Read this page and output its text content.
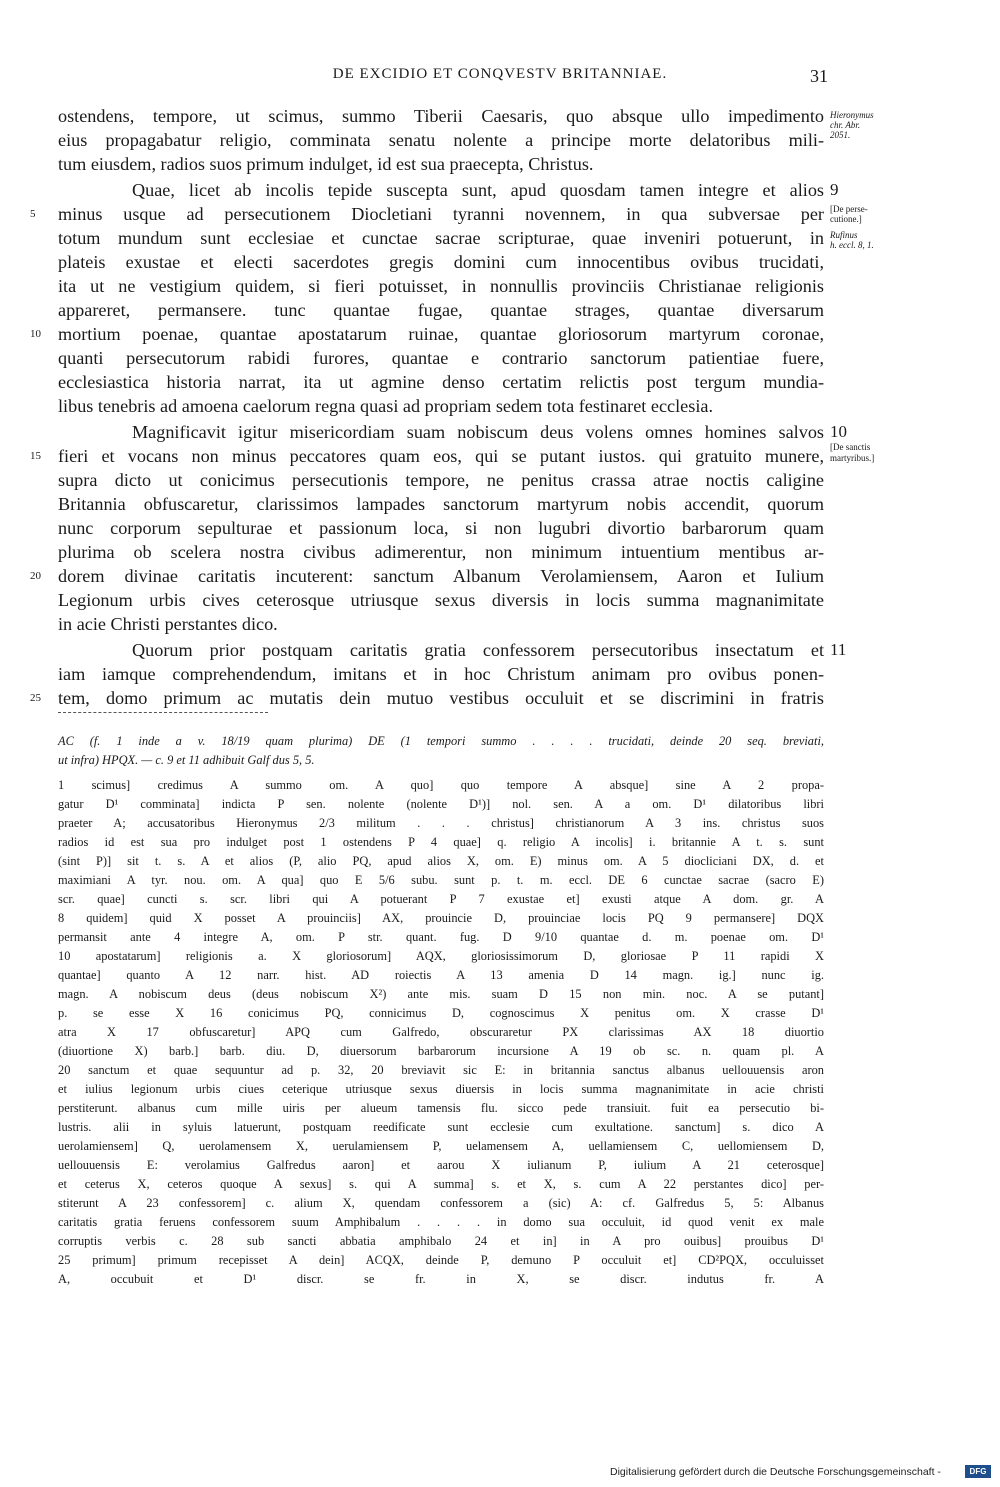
DE EXCIDIO ET CONQVESTV BRITANNIAE.	31
ostendens, tempore, ut scimus, summo Tiberii Caesaris, quo absque ullo impedimento
eius propagabatur religio, comminata senatu nolente a principe morte delatoribus mili-
tum eiusdem, radios suos primum indulget, id est sua praecepta, Christus.
Quae, licet ab incolis tepide suscepta sunt, apud quosdam tamen integre et alios
minus usque ad persecutionem Diocletiani tyranni novennem, in qua subversae per
totum mundum sunt ecclesiae et cunctae sacrae scripturae, quae inveniri potuerunt, in
plateis exustae et electi sacerdotes gregis domini cum innocentibus ovibus trucidati,
ita ut ne vestigium quidem, si fieri potuisset, in nonnullis provinciis Christianae religionis
appareret, permansere. tunc quantae fugae, quantae strages, quantae diversarum
mortium poenae, quantae apostatarum ruinae, quantae gloriosorum martyrum coronae,
quanti persecutorum rabidi furores, quantae e contrario sanctorum patientiae fuere,
ecclesiastica historia narrat, ita ut agmine denso certatim relictis post tergum mundia-
libus tenebris ad amoena caelorum regna quasi ad propriam sedem tota festinaret ecclesia.
Magnificavit igitur misericordiam suam nobiscum deus volens omnes homines salvos
fieri et vocans non minus peccatores quam eos, qui se putant iustos. qui gratuito munere,
supra dicto ut conicimus persecutionis tempore, ne penitus crassa atrae noctis caligine
Britannia obfuscaretur, clarissimos lampades sanctorum martyrum nobis accendit, quorum
nunc corporum sepulturae et passionum loca, si non lugubri divortio barbarorum quam
plurima ob scelera nostra civibus adimerentur, non minimum intuentium mentibus ar-
dorem divinae caritatis incuterent: sanctum Albanum Verolamiensem, Aaron et Iulium
Legionum urbis cives ceterosque utriusque sexus diversis in locis summa magnanimitate
in acie Christi perstantes dico.
Quorum prior postquam caritatis gratia confessorem persecutoribus insectatum et
iam iamque comprehendendum, imitans et in hoc Christum animam pro ovibus ponen-
tem, domo primum ac mutatis dein mutuo vestibus occuluit et se discrimini in fratris
5
10
15
20
25
9
10
11
Hieronymus
chr. Abr.
2051.
[De perse-
cutione.]
Rufinus
h. eccl. 8, 1.
[De sanctis
martyribus.]
AC (f. 1 inde a v. 18/19 quam plurima) DE (1 tempori summo . . . . trucidati, deinde 20 seq. breviati,
ut infra) HPQX. — c. 9 et 11 adhibuit Galf dus 5, 5.
1 scimus] credimus A summo om. A quo] quo tempore A absque] sine A 2 propa-
gatur D¹ comminata] indicta P sen. nolente (nolente D¹)] nol. sen. A a om. D¹ dilatoribus libri
praeter A; accusatoribus Hieronymus 2/3 militum . . . christus] christianorum A 3 ins. christus suos
radios id est sua pro indulget post 1 ostendens P 4 quae] q. religio A incolis] i. britannie A t. s. sunt
(sint P)] sit t. s. A et alios (P, alio PQ, apud alios X, om. E) minus om. A 5 diocliciani DX, d. et
maximiani A tyr. nou. om. A qua] quo E 5/6 subu. sunt p. t. m. eccl. DE 6 cunctae sacrae (sacro E)
scr. quae] cuncti s. scr. libri qui A potuerant P 7 exustae et] exusti atque A dom. gr. A
8 quidem] quid X posset A prouinciis] AX, prouincie D, prouinciae locis PQ 9 permansere] DQX
permansit ante 4 integre A, om. P str. quant. fug. D 9/10 quantae d. m. poenae om. D¹
10 apostatarum] religionis a. X gloriosorum] AQX, gloriosissimorum D, gloriosae P 11 rapidi X
quantae] quanto A 12 narr. hist. AD roiectis A 13 amenia D 14 magn. ig.] nunc ig.
magn. A nobiscum deus (deus nobiscum X²) ante mis. suam D 15 non min. noc. A se putant]
p. se esse X 16 conicimus PQ, connicimus D, cognoscimus X penitus om. X crasse D¹
atra X 17 obfuscaretur] APQ cum Galfredo, obscuraretur PX clarissimas AX 18 diuortio
(diuortione X) barb.] barb. diu. D, diuersorum barbarorum incursione A 19 ob sc. n. quam pl. A
20 sanctum et quae sequuntur ad p. 32, 20 breviavit sic E: in britannia sanctus albanus uellouuensis aron
et iulius legionum urbis ciues ceterique utriusque sexus diuersis in locis summa magnanimitate in acie christi
perstiterunt. albanus cum mille uiris per alueum tamensis flu. sicco pede transiuit. fuit ea persecutio bi-
lustris. alii in syluis latuerunt, postquam reedificate sunt ecclesie cum exultatione. sanctum] s. dico A
uerolamiensem] Q, uerolamensem X, uerulamiensem P, uelamensem A, uellamiensem C, uellomiensem D,
uellouuensis E: verolamius Galfredus aaron] et aarou X iulianum P, iulium A 21 ceterosque]
et ceterus X, ceteros quoque A sexus] s. qui A summa] s. et X, s. cum A 22 perstantes dico] per-
stiterunt A 23 confessorem] c. alium X, quendam confessorem a (sic) A: cf. Galfredus 5, 5: Albanus
caritatis gratia feruens confessorem suum Amphibalum . . . . in domo sua occuluit, id quod venit ex male
corruptis verbis c. 28 sub sancti abbatia amphibalo 24 et in] in A pro ouibus] prouibus D¹
25 primum] primum recepisset A dein] ACQX, deinde P, demuno P occuluit et] CD²PQX, occuluisset
A, occubuit et D¹ discr. se fr. in X, se discr. indutus fr. A
Digitalisierung gefördert durch die Deutsche Forschungsgemeinschaft -	DFG
